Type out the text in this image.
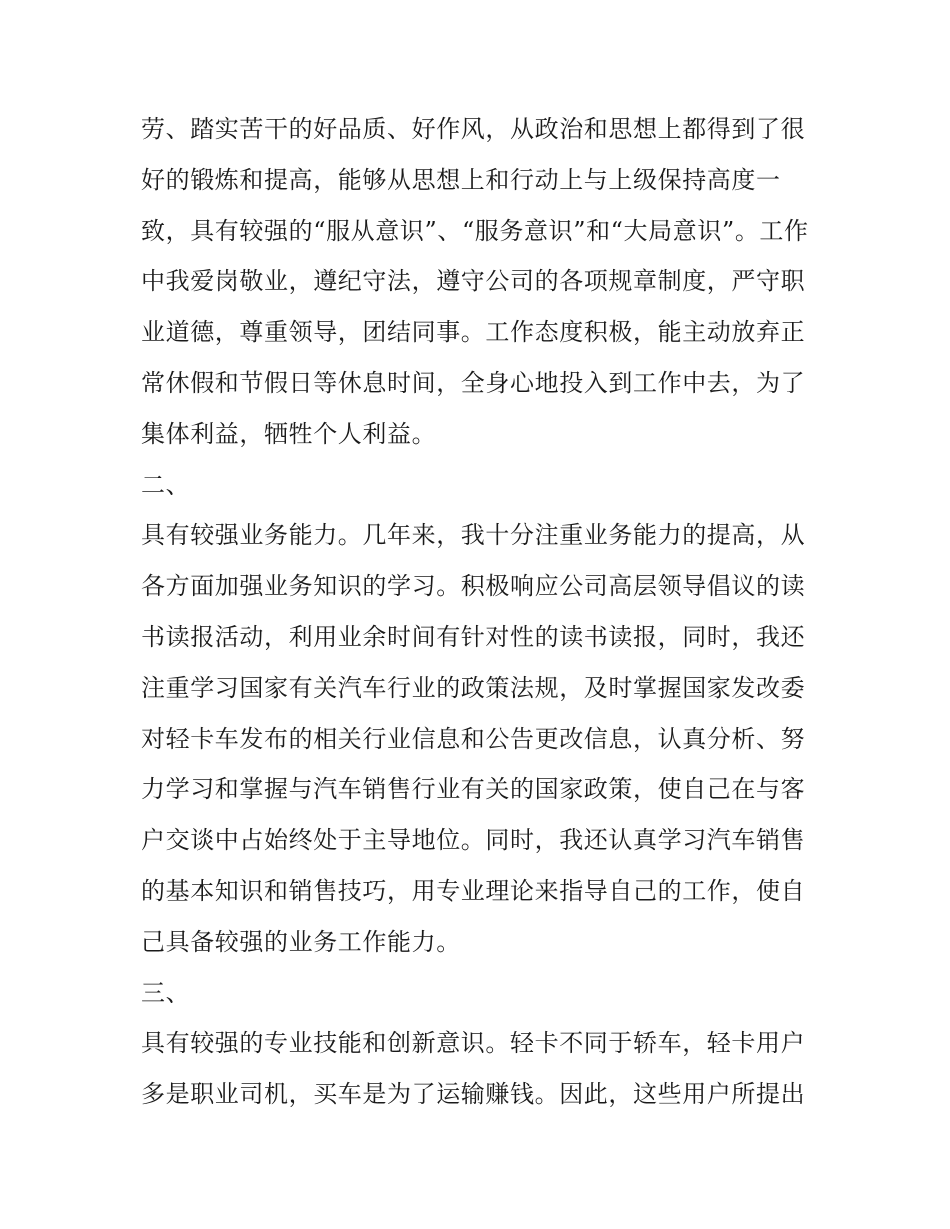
劳、踏实苦干的好品质、好作风，从政治和思想上都得到了很
好的锻炼和提高，能够从思想上和行动上与上级保持高度一
致，具有较强的“服从意识”、“服务意识”和“大局意识”。工作
中我爱岗敬业，遵纪守法，遵守公司的各项规章制度，严守职
业道德，尊重领导，团结同事。工作态度积极，能主动放弃正
常休假和节假日等休息时间，全身心地投入到工作中去，为了
集体利益，牺牲个人利益。
二、
具有较强业务能力。几年来，我十分注重业务能力的提高，从
各方面加强业务知识的学习。积极响应公司高层领导倡议的读
书读报活动，利用业余时间有针对性的读书读报，同时，我还
注重学习国家有关汽车行业的政策法规，及时掌握国家发改委
对轻卡车发布的相关行业信息和公告更改信息，认真分析、努
力学习和掌握与汽车销售行业有关的国家政策，使自己在与客
户交谈中占始终处于主导地位。同时，我还认真学习汽车销售
的基本知识和销售技巧，用专业理论来指导自己的工作，使自
己具备较强的业务工作能力。
三、
具有较强的专业技能和创新意识。轻卡不同于轿车，轻卡用户
多是职业司机，买车是为了运输赚钱。因此，这些用户所提出
